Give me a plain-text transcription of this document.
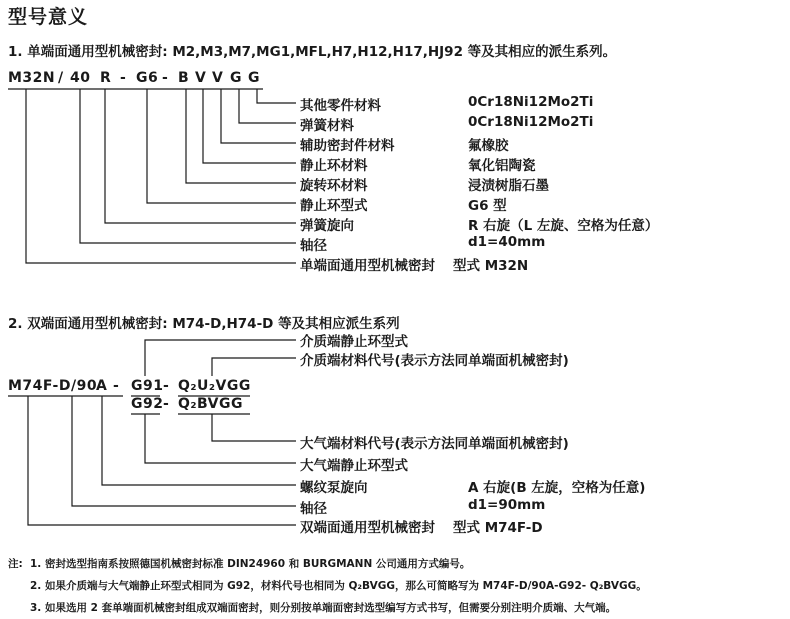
型号意义
1. 单端面通用型机械密封: M2,M3,M7,MG1,MFL,H7,H12,H17,HJ92 等及其相应的派生系列。
M32N / 40 R - G6 - B V V G G
其他零件材料	0Cr18Ni12Mo2Ti
弹簧材料	0Cr18Ni12Mo2Ti
辅助密封件材料	氟橡胶
静止环材料	氧化铝陶瓷
旋转环材料	浸渍树脂石墨
静止环型式	G6 型
弹簧旋向	R 右旋（L 左旋、空格为任意）
轴径	d1=40mm
单端面通用型机械密封 型式 M32N
2. 双端面通用型机械密封: M74-D,H74-D 等及其相应派生系列
介质端静止环型式
介质端材料代号(表示方法同单端面机械密封)
M74F-D/90
A - G91 - Q₂U₂VGG
G92 - Q₂BVGG
大气端材料代号(表示方法同单端面机械密封)
大气端静止环型式
螺纹泵旋向	A 右旋(B 左旋，空格为任意)
轴径	d1=90mm
双端面通用型机械密封 型式 M74F-D
注: 1. 密封选型指南系按照德国机械密封标准 DIN24960 和 BURGMANN 公司通用方式编号。
2. 如果介质端与大气端静止环型式相同为 G92，材料代号也相同为 Q₂BVGG，那么可简略写为 M74F-D/90A-G92- Q₂BVGG。
3. 如果选用 2 套单端面机械密封组成双端面密封，则分别按单端面密封选型编写方式书写，但需要分别注明介质端、大气端。
